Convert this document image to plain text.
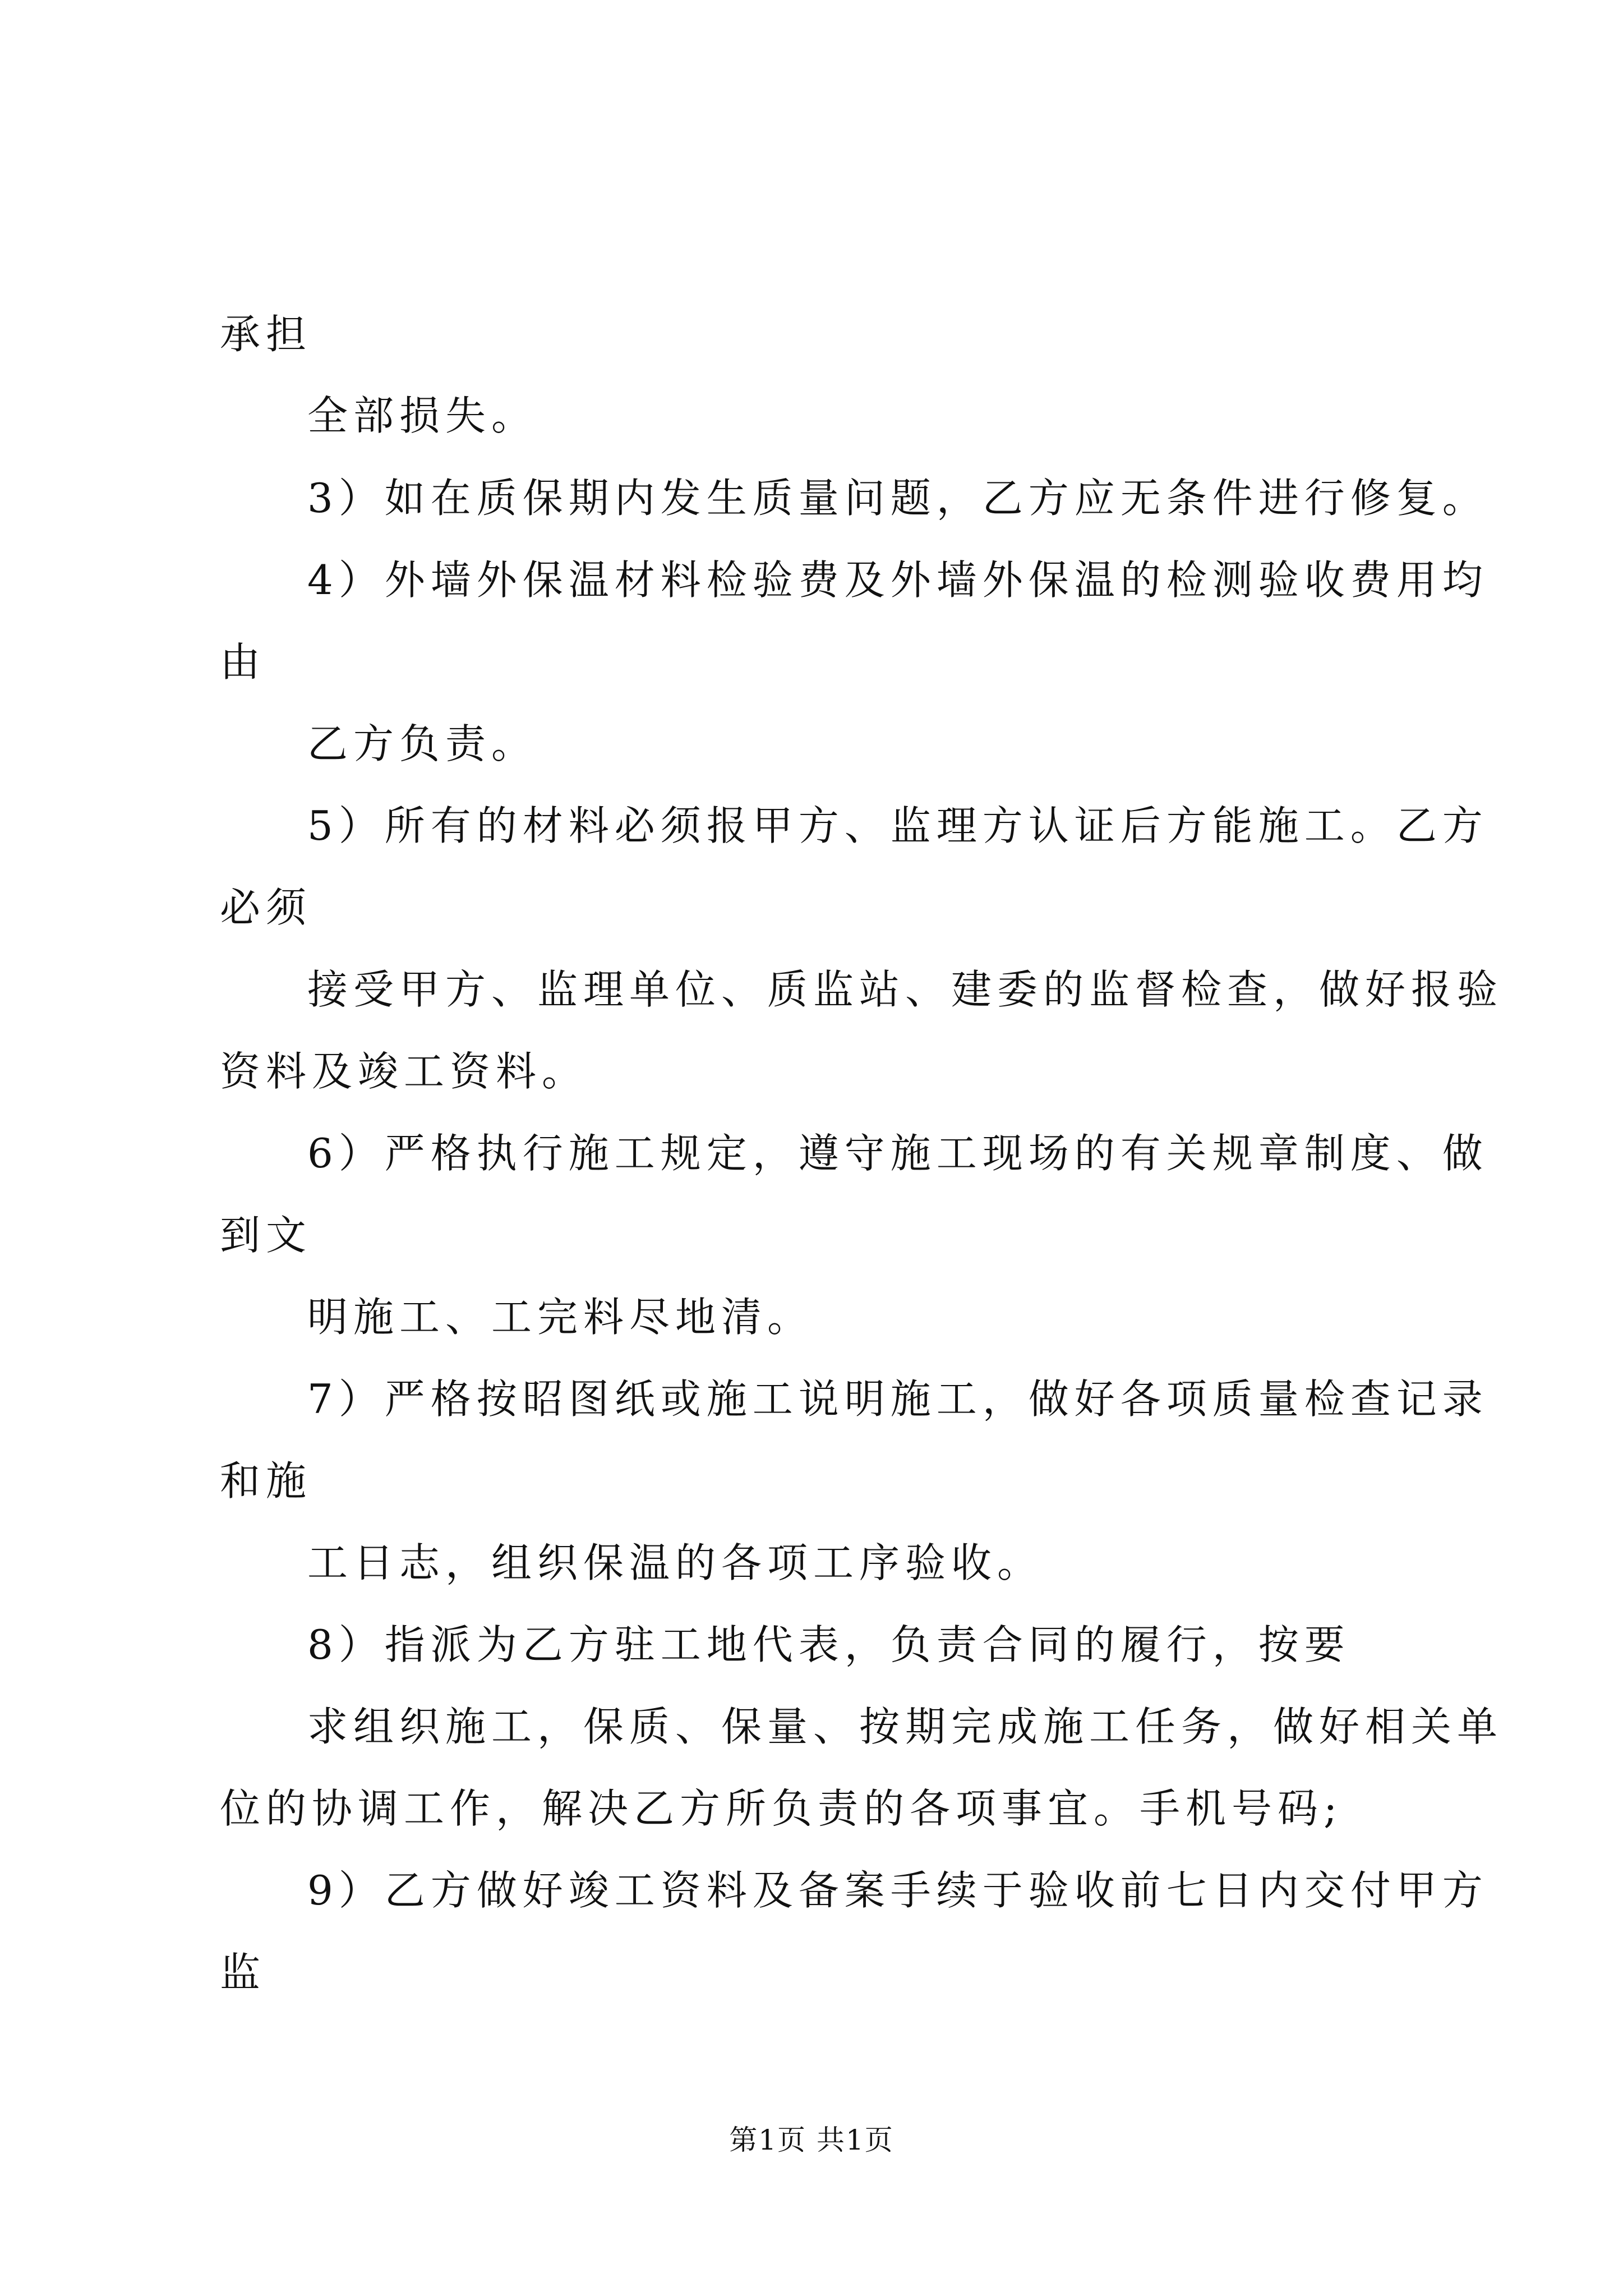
承担
全部损失。
3）如在质保期内发生质量问题，乙方应无条件进行修复。
4）外墙外保温材料检验费及外墙外保温的检测验收费用均
由
乙方负责。
5）所有的材料必须报甲方、监理方认证后方能施工。乙方
必须
接受甲方、监理单位、质监站、建委的监督检查，做好报验
资料及竣工资料。
6）严格执行施工规定，遵守施工现场的有关规章制度、做
到文
明施工、工完料尽地清。
7）严格按昭图纸或施工说明施工，做好各项质量检查记录
和施
工日志，组织保温的各项工序验收。
8）指派为乙方驻工地代表，负责合同的履行，按要
求组织施工，保质、保量、按期完成施工任务，做好相关单
位的协调工作，解决乙方所负责的各项事宜。手机号码;
9）乙方做好竣工资料及备案手续于验收前七日内交付甲方
监
第1页 共1页
